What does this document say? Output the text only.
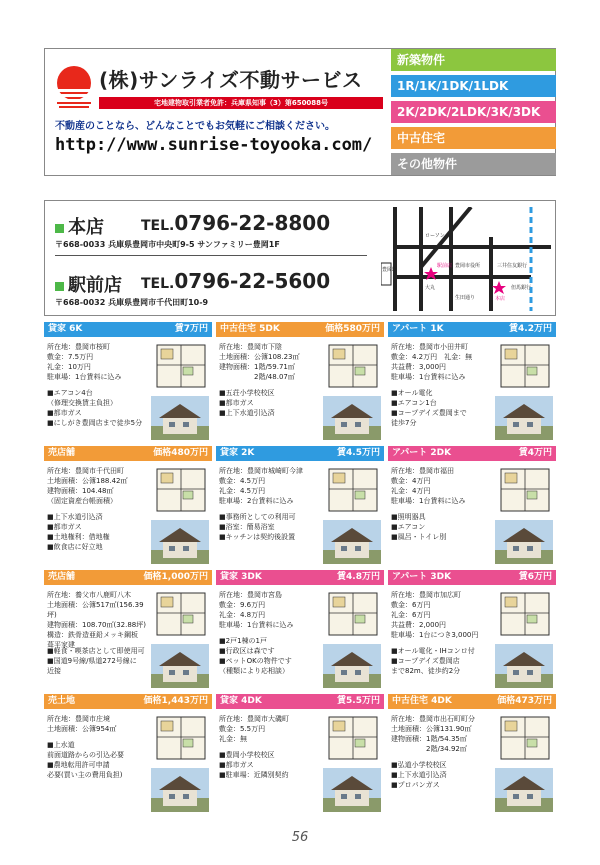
(株)サンライズ不動サービス
宅地建物取引業者免許：兵庫県知事（3）第650088号
不動産のことなら、どんなことでもお気軽にご相談ください。
http://www.sunrise-toyooka.com/
新築物件
1R/1K/1DK/1LDK
2K/2DK/2LDK/3K/3DK
中古住宅
その他物件
本店	TEL.0796-22-8800
〒668-0033 兵庫県豊岡市中央町9-5 サンファミリー豊岡1F
駅前店 TEL.0796-22-5600
〒668-0032 兵庫県豊岡市千代田町10-9
豊岡駅
ローソン
駅前店 豊岡市役所	三井住友銀行
大丸
本店
但馬銀行
生田通り
貸家 6K	賃7万円
所在地：豊岡市桜町
敷金：7.5万円
礼金：10万円
駐車場：1台賃料に込み
■エアコン4台
（修理交換賃主負担）
■都市ガス
■にしがき豊岡店まで徒歩5分
中古住宅 5DK	価格580万円
所在地：豊岡市下陰
土地面積：公簿108.23㎡
建物面積：1階/59.71㎡
　　　　　2階/48.07㎡
■五荘小学校校区
■都市ガス
■上下水道引込済
アパート 1K	賃4.2万円
所在地：豊岡市小田井町
敷金：4.2万円　礼金：無
共益費：3,000円
駐車場：1台賃料に込み
■オール電化
■エアコン1台
■コープデイズ豊岡まで
徒歩7分
売店舗	価格480万円
所在地：豊岡市千代田町
土地面積：公簿188.42㎡
建物面積：104.48㎡
（固定資産台帳面積）
■上下水道引込済
■都市ガス
■土地権利：借地権
■飲食店に好立地
貸家 2K	賃4.5万円
所在地：豊岡市城崎町今津
敷金：4.5万円
礼金：4.5万円
駐車場：2台賃料に込み
■事務所としての利用可
■浴室：簡易浴室
■キッチンは契約後設置
アパート 2DK	賃4万円
所在地：豊岡市福田
敷金：4万円
礼金：4万円
駐車場：1台賃料に込み
■照明器具
■エアコン
■風呂・トイレ別
売店舗	価格1,000万円
所在地：養父市八鹿町八木
土地面積：公簿517㎡(156.39坪)
建物面積：108.70㎡(32.88坪)
構造：鉄骨造亜鉛メッキ鋼板
葺平家建
■軽食・喫茶店として即使用可
■国道9号線/県道272号線に
近接
貸家 3DK	賃4.8万円
所在地：豊岡市宮島
敷金：9.6万円
礼金：4.8万円
駐車場：1台賃料に込み
■2戸1棟の1戸
■行政区は森です
■ペットOKの物件です
（種類により応相談）
アパート 3DK	賃6万円
所在地：豊岡市加広町
敷金：6万円
礼金：6万円
共益費：2,000円
駐車場：1台につき3,000円
■オール電化・IHコンロ付
■コープデイズ豊岡店
まで82m、徒歩約2分
売土地	価格1,443万円
所在地：豊岡市庄境
土地面積：公簿954㎡
■上水道
前面道路からの引込必要
■農地転用許可申請
必要(買い主の費用負担)
貸家 4DK	賃5.5万円
所在地：豊岡市大磯町
敷金：5.5万円
礼金：無
■豊岡小学校校区
■都市ガス
■駐車場：近隣別契約
中古住宅 4DK	価格473万円
所在地：豊岡市出石町町分
土地面積：公簿131.90㎡
建物面積：1階/54.35㎡
　　　　　2階/34.92㎡
■弘道小学校校区
■上下水道引込済
■プロパンガス
56
